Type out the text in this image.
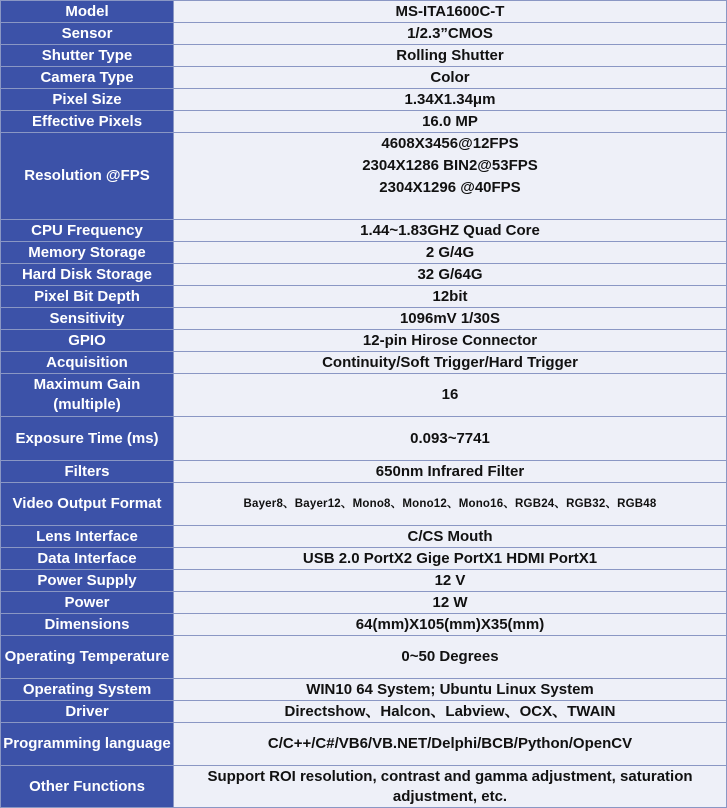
Model	MS-ITA1600C-T
Sensor	1/2.3”CMOS
Shutter Type	Rolling Shutter
Camera Type	Color
Pixel Size	1.34X1.34μm
Effective Pixels	16.0 MP
Resolution @FPS	4608X3456@12FPS
2304X1286 BIN2@53FPS
2304X1296 @40FPS

CPU Frequency	1.44~1.83GHZ Quad Core
Memory Storage	2 G/4G
Hard Disk Storage	32 G/64G
Pixel Bit Depth	12bit
Sensitivity	1096mV 1/30S
GPIO	12-pin Hirose Connector
Acquisition	Continuity/Soft Trigger/Hard Trigger
Maximum Gain (multiple)	16
Exposure Time (ms)	0.093~7741
Filters	650nm Infrared Filter
Video Output Format	Bayer8、Bayer12、Mono8、Mono12、Mono16、RGB24、RGB32、RGB48
Lens Interface	C/CS Mouth
Data Interface	USB 2.0 PortX2 Gige PortX1 HDMI PortX1
Power Supply	12 V
Power	12 W
Dimensions	64(mm)X105(mm)X35(mm)
Operating Temperature	0~50 Degrees
Operating System	WIN10 64 System; Ubuntu Linux System
Driver	Directshow、Halcon、Labview、OCX、TWAIN
Programming language	C/C++/C#/VB6/VB.NET/Delphi/BCB/Python/OpenCV
Other Functions	Support ROI resolution, contrast and gamma adjustment, saturation adjustment, etc.
